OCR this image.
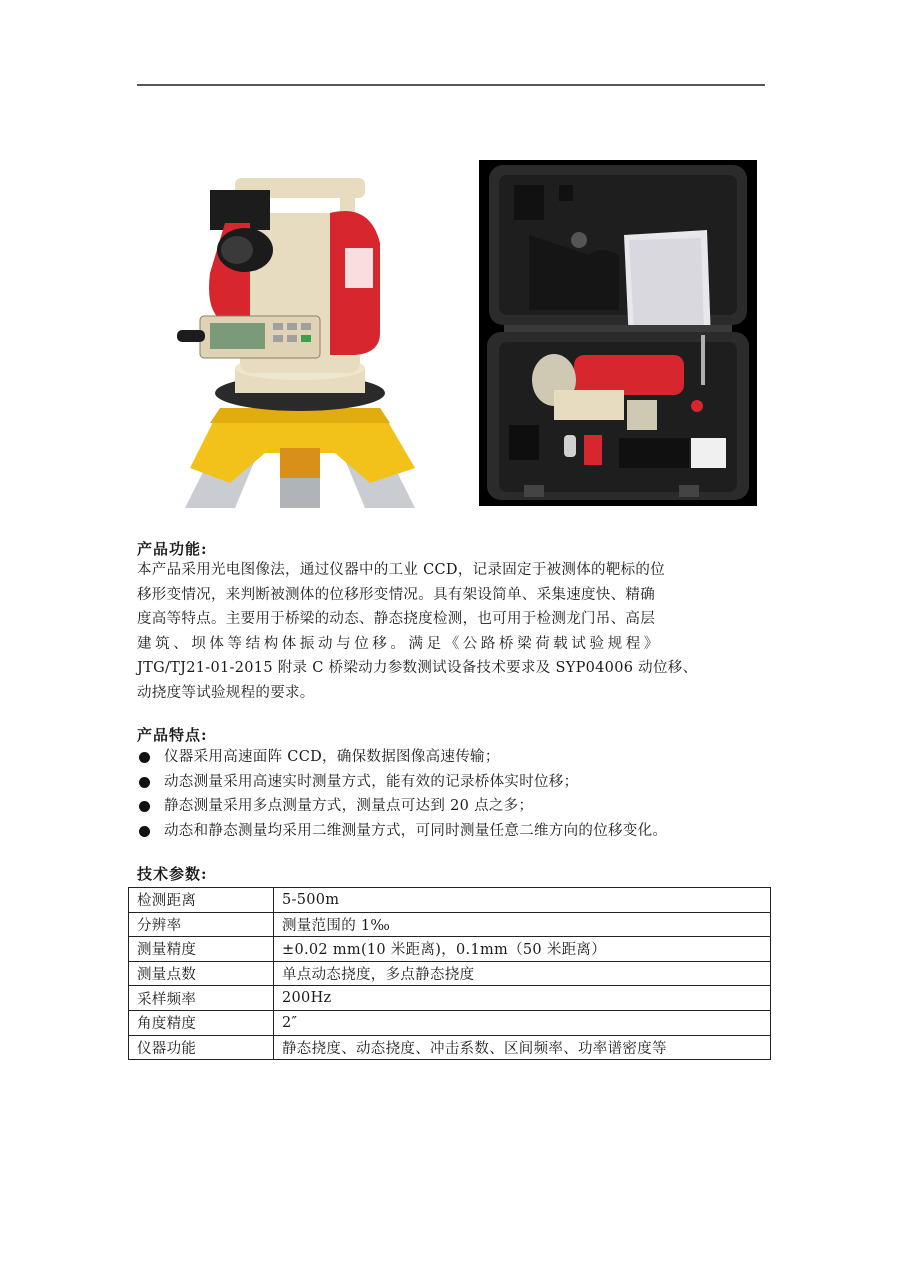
产品功能:
本产品采用光电图像法，通过仪器中的工业 CCD，记录固定于被测体的靶标的位
移形变情况，来判断被测体的位移形变情况。具有架设简单、采集速度快、精确
度高等特点。主要用于桥梁的动态、静态挠度检测，也可用于检测龙门吊、高层
建筑、坝体等结构体振动与位移。满足《公路桥梁荷载试验规程》
JTG/TJ21-01-2015 附录 C 桥梁动力参数测试设备技术要求及 SYP04006 动位移、
动挠度等试验规程的要求。
产品特点:
仪器采用高速面阵 CCD，确保数据图像高速传输；
动态测量采用高速实时测量方式，能有效的记录桥体实时位移；
静态测量采用多点测量方式，测量点可达到 20 点之多；
动态和静态测量均采用二维测量方式，可同时测量任意二维方向的位移变化。
技术参数:
检测距离	5-500m
分辨率	测量范围的 1‰
测量精度	±0.02 mm(10 米距离)，0.1mm（50 米距离）
测量点数	单点动态挠度，多点静态挠度
采样频率	200Hz
角度精度	2″
仪器功能	静态挠度、动态挠度、冲击系数、区间频率、功率谱密度等
